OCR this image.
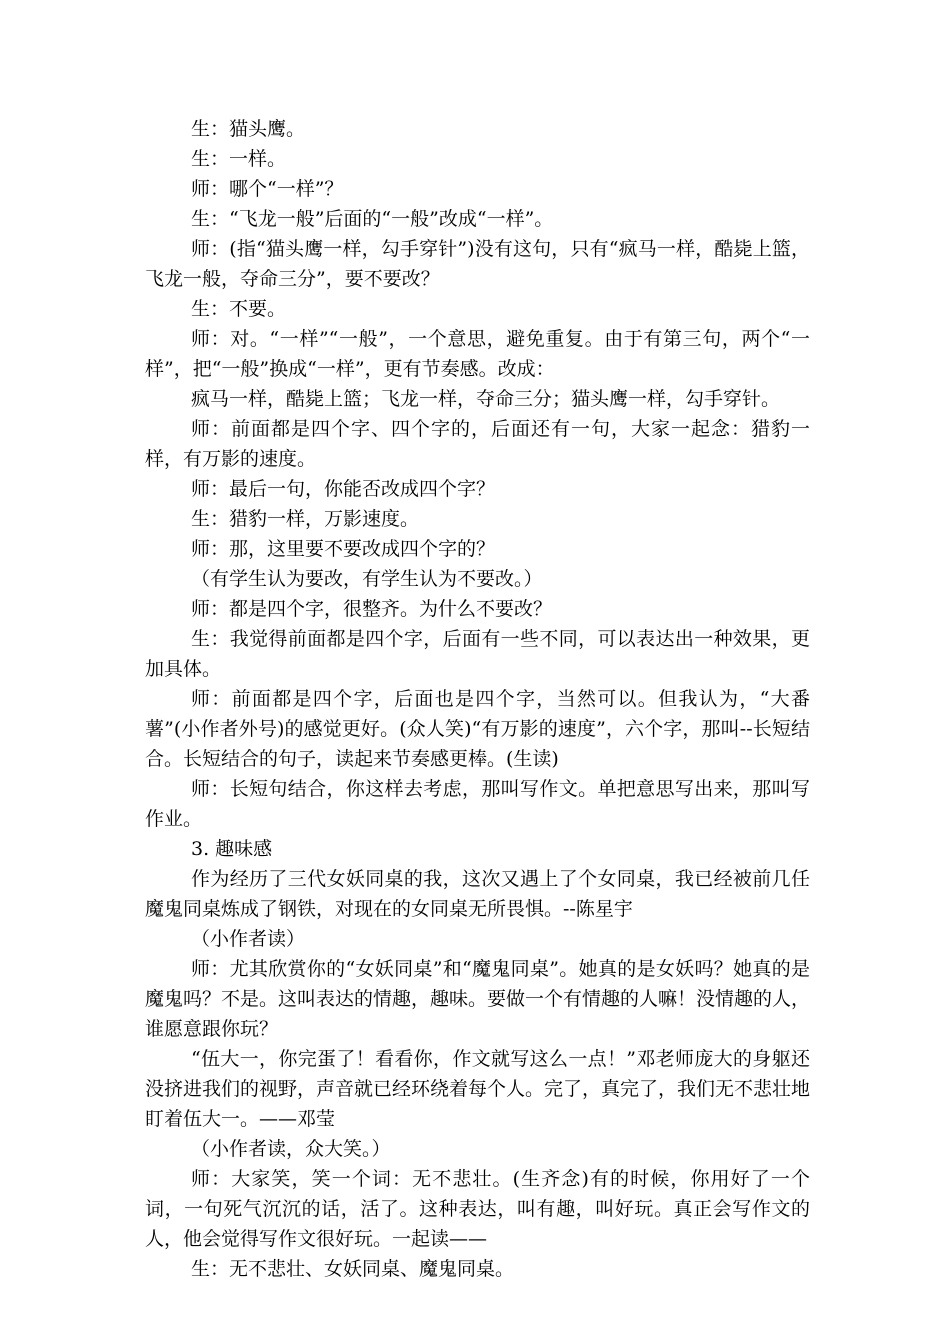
生：猫头鹰。

生：一样。

师：哪个“一样”？

生：“飞龙一般”后面的“一般”改成“一样”。

师：(指“猫头鹰一样，勾手穿针”)没有这句，只有“疯马一样，酷毙上篮，飞龙一般，夺命三分”，要不要改？

生：不要。

师：对。“一样”“一般”，一个意思，避免重复。由于有第三句，两个“一样”，把“一般”换成“一样”，更有节奏感。改成：

疯马一样，酷毙上篮；飞龙一样，夺命三分；猫头鹰一样，勾手穿针。

师：前面都是四个字、四个字的，后面还有一句，大家一起念：猎豹一样，有万影的速度。

师：最后一句，你能否改成四个字？

生：猎豹一样，万影速度。

师：那，这里要不要改成四个字的？

（有学生认为要改，有学生认为不要改。）

师：都是四个字，很整齐。为什么不要改？

生：我觉得前面都是四个字，后面有一些不同，可以表达出一种效果，更加具体。

师：前面都是四个字，后面也是四个字，当然可以。但我认为，“大番薯”(小作者外号)的感觉更好。(众人笑)“有万影的速度”，六个字，那叫--长短结合。长短结合的句子，读起来节奏感更棒。(生读)

师：长短句结合，你这样去考虑，那叫写作文。单把意思写出来，那叫写作业。

3. 趣味感

作为经历了三代女妖同桌的我，这次又遇上了个女同桌，我已经被前几任魔鬼同桌炼成了钢铁，对现在的女同桌无所畏惧。--陈星宇

（小作者读）

师：尤其欣赏你的“女妖同桌”和“魔鬼同桌”。她真的是女妖吗？她真的是魔鬼吗？不是。这叫表达的情趣，趣味。要做一个有情趣的人嘛！没情趣的人，谁愿意跟你玩？

“伍大一，你完蛋了！看看你，作文就写这么一点！”邓老师庞大的身躯还没挤进我们的视野，声音就已经环绕着每个人。完了，真完了，我们无不悲壮地盯着伍大一。——邓莹

（小作者读，众大笑。）

师：大家笑，笑一个词：无不悲壮。(生齐念)有的时候，你用好了一个词，一句死气沉沉的话，活了。这种表达，叫有趣，叫好玩。真正会写作文的人，他会觉得写作文很好玩。一起读——

生：无不悲壮、女妖同桌、魔鬼同桌。
